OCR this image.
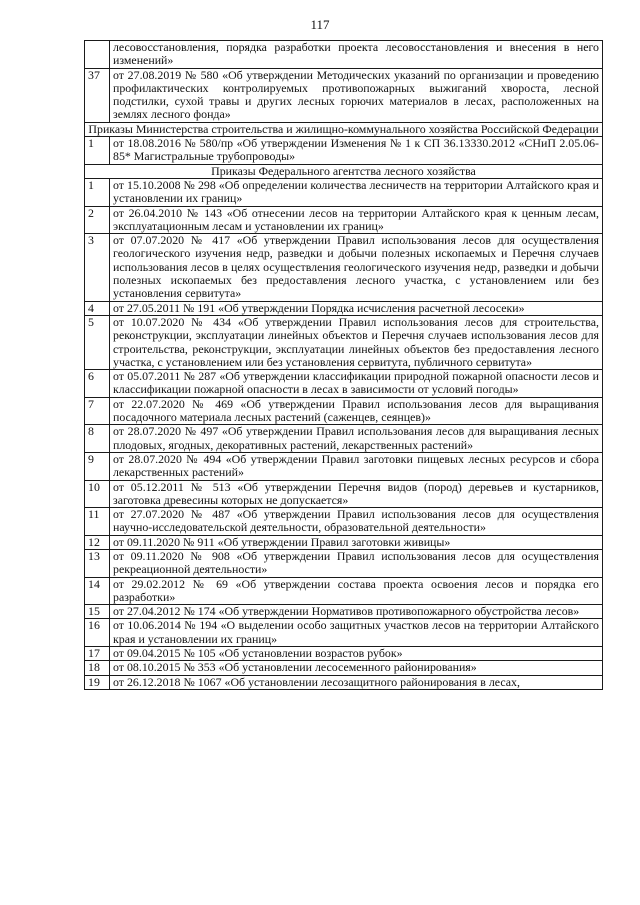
117
	лесовосстановления, порядка разработки проекта лесовосстановления и внесения в него изменений»
37	от 27.08.2019 № 580 «Об утверждении Методических указаний по организации и проведению профилактических контролируемых противопожарных выжиганий хвороста, лесной подстилки, сухой травы и других лесных горючих материалов в лесах, расположенных на землях лесного фонда»
Приказы Министерства строительства и жилищно-коммунального хозяйства Российской Федерации	
1	от 18.08.2016 № 580/пр «Об утверждении Изменения № 1 к СП 36.13330.2012 «СНиП 2.05.06-85* Магистральные трубопроводы»
Приказы Федерального агентства лесного хозяйства	
1	от 15.10.2008 № 298 «Об определении количества лесничеств на территории Алтайского края и установлении их границ»
2	от 26.04.2010 № 143 «Об отнесении лесов на территории Алтайского края к ценным лесам, эксплуатационным лесам и установлении их границ»
3	от 07.07.2020 № 417 «Об утверждении Правил использования лесов для осуществления геологического изучения недр, разведки и добычи полезных ископаемых и Перечня случаев использования лесов в целях осуществления геологического изучения недр, разведки и добычи полезных ископаемых без предоставления лесного участка, с установлением или без установления сервитута»
4	от 27.05.2011 № 191 «Об утверждении Порядка исчисления расчетной лесосеки»
5	от 10.07.2020 № 434 «Об утверждении Правил использования лесов для строительства, реконструкции, эксплуатации линейных объектов и Перечня случаев использования лесов для строительства, реконструкции, эксплуатации линейных объектов без предоставления лесного участка, с установлением или без установления сервитута, публичного сервитута»
6	от 05.07.2011 № 287 «Об утверждении классификации природной пожарной опасности лесов и классификации пожарной опасности в лесах в зависимости от условий погоды»
7	от 22.07.2020 № 469 «Об утверждении Правил использования лесов для выращивания посадочного материала лесных растений (саженцев, сеянцев)»
8	от 28.07.2020 № 497 «Об утверждении Правил использования лесов для выращивания лесных плодовых, ягодных, декоративных растений, лекарственных растений»
9	от 28.07.2020 № 494 «Об утверждении Правил заготовки пищевых лесных ресурсов и сбора лекарственных растений»
10	от 05.12.2011 № 513 «Об утверждении Перечня видов (пород) деревьев и кустарников, заготовка древесины которых не допускается»
11	от 27.07.2020 № 487 «Об утверждении Правил использования лесов для осуществления научно-исследовательской деятельности, образовательной деятельности»
12	от 09.11.2020 № 911 «Об утверждении Правил заготовки живицы»
13	от 09.11.2020 № 908 «Об утверждении Правил использования лесов для осуществления рекреационной деятельности»
14	от 29.02.2012 № 69 «Об утверждении состава проекта освоения лесов и порядка его разработки»
15	от 27.04.2012 № 174 «Об утверждении Нормативов противопожарного обустройства лесов»
16	от 10.06.2014 № 194 «О выделении особо защитных участков лесов на территории Алтайского края и установлении их границ»
17	от 09.04.2015 № 105 «Об установлении возрастов рубок»
18	от 08.10.2015 № 353 «Об установлении лесосеменного районирования»
19	от 26.12.2018 № 1067 «Об установлении лесозащитного районирования в лесах,
